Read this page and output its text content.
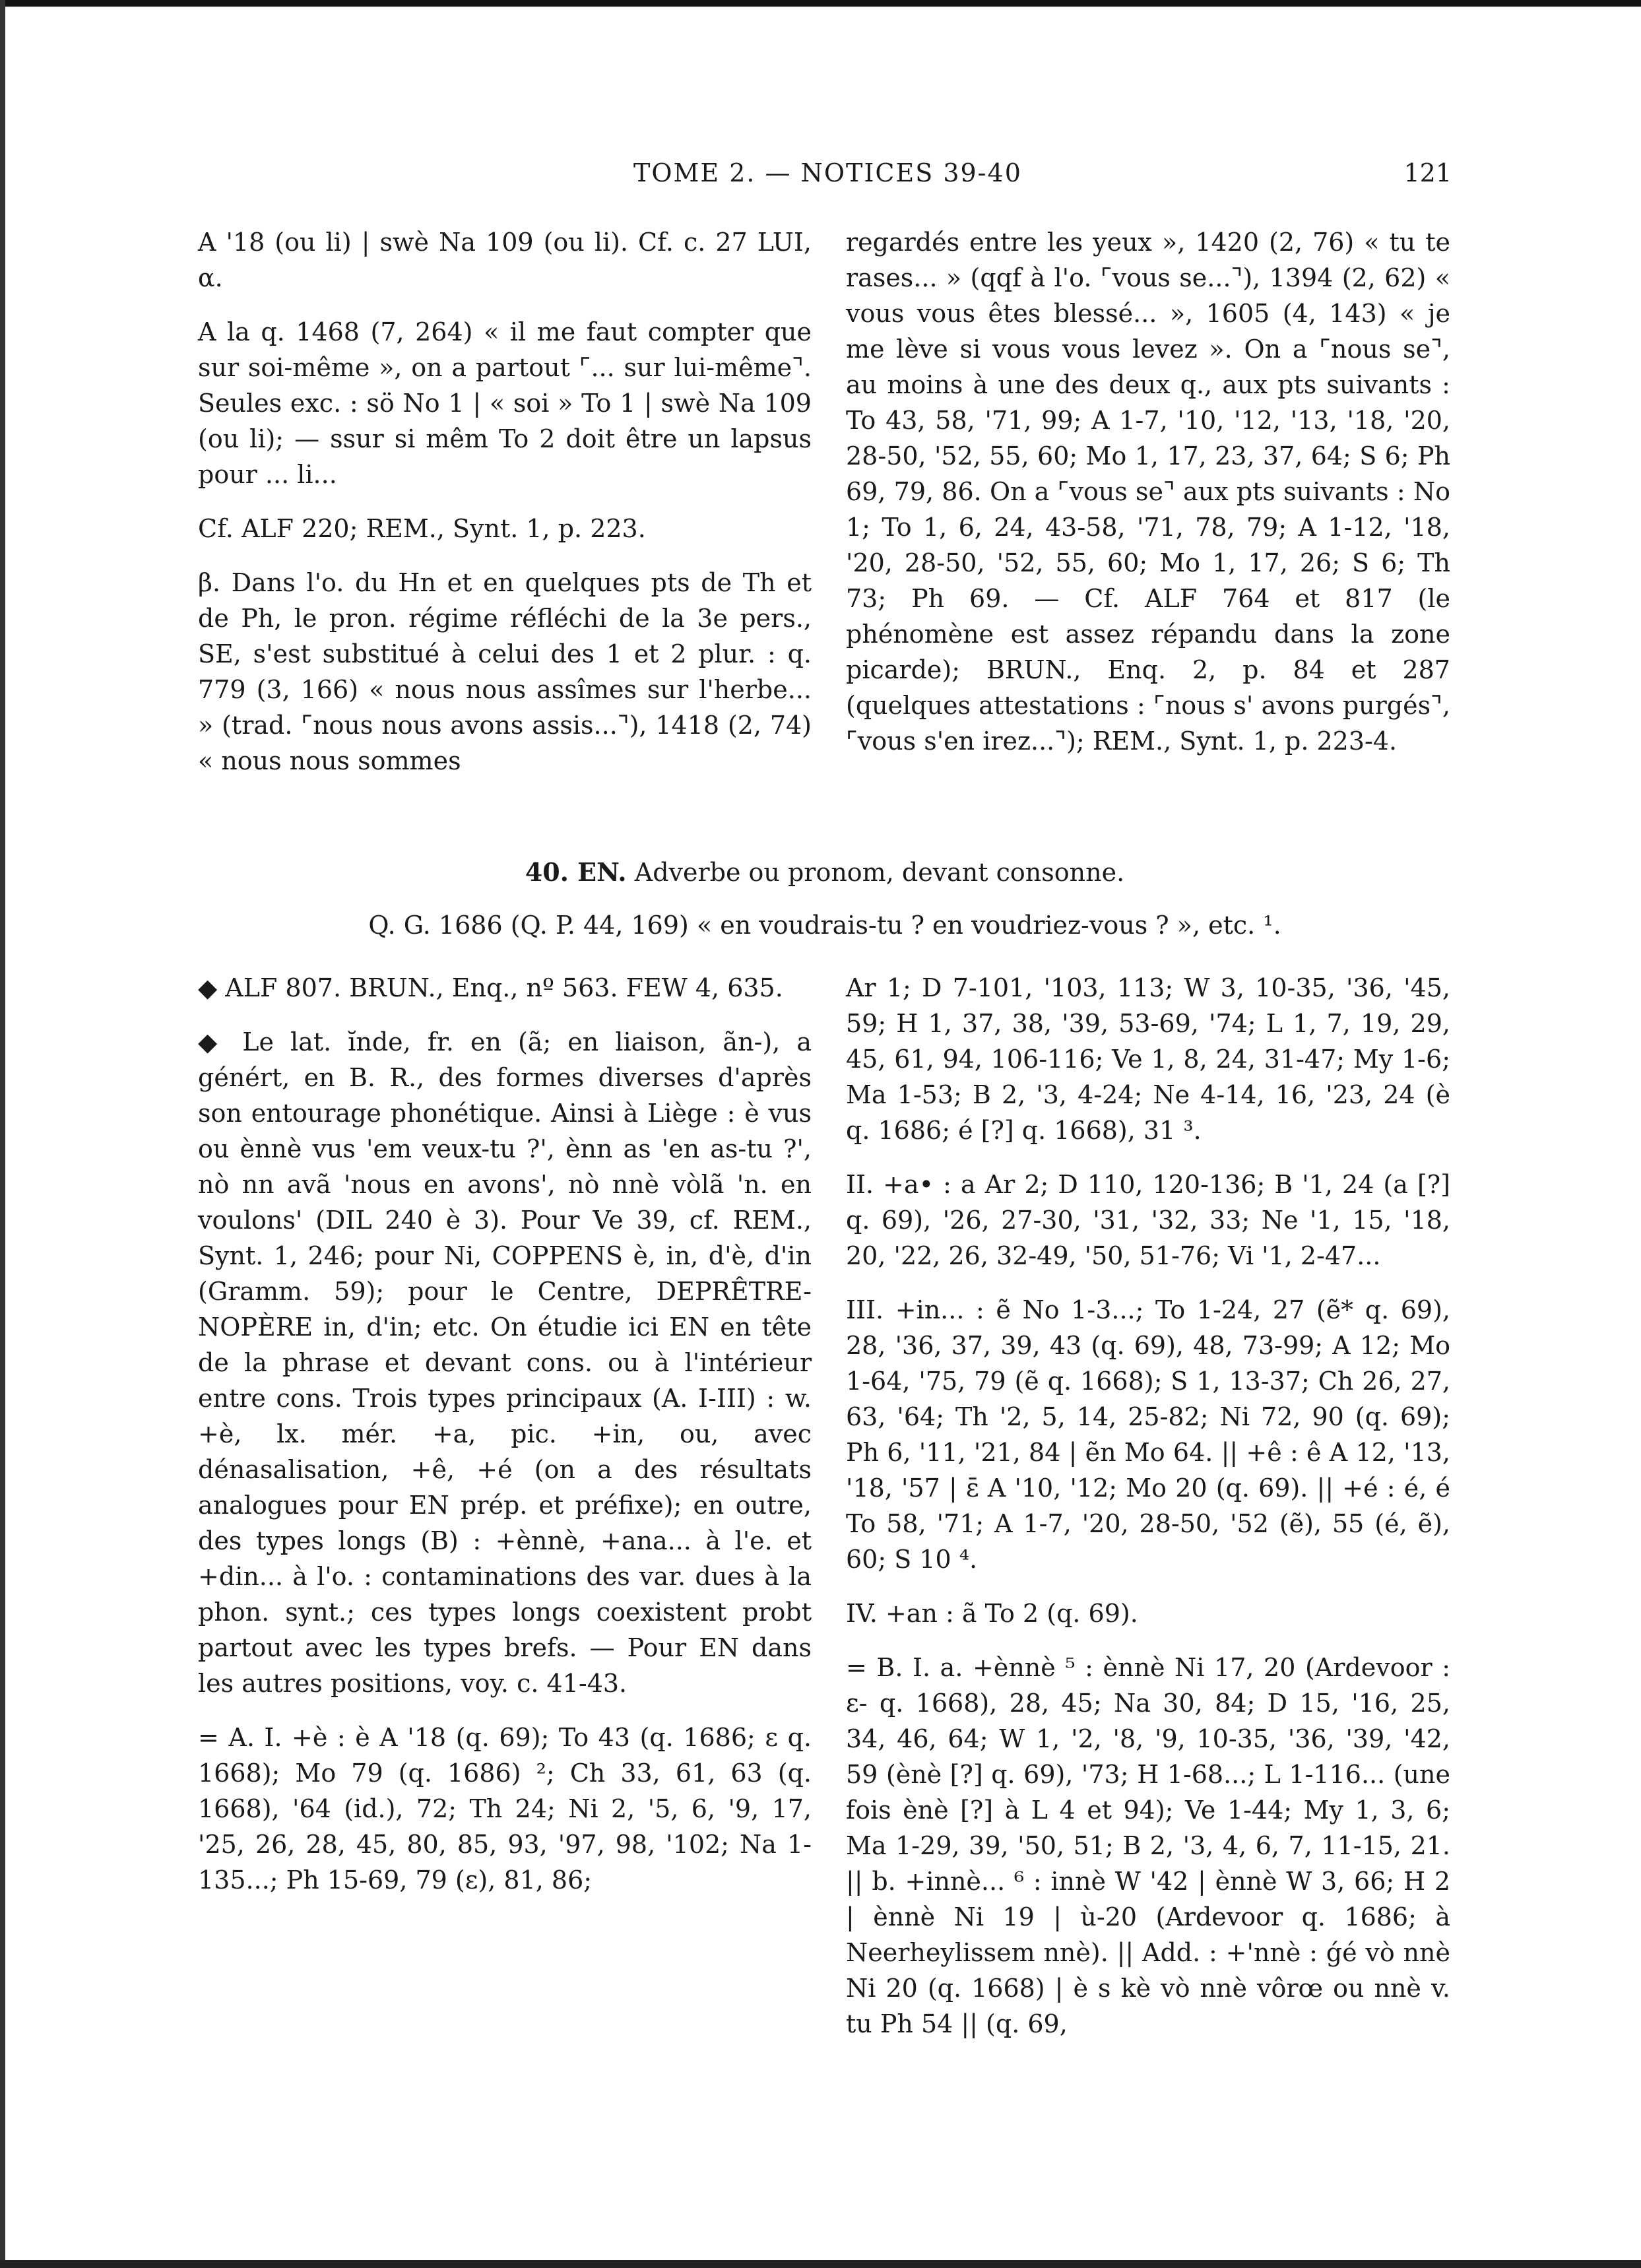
TOME 2. — NOTICES 39-40	121

A '18 (ou li) | swè Na 109 (ou li). Cf. c. 27 LUI, α.

A la q. 1468 (7, 264) « il me faut compter que sur soi-même », on a partout ⌜... sur lui-même⌝. Seules exc. : sö No 1 | « soi » To 1 | swè Na 109 (ou li); — ssur si mêm To 2 doit être un lapsus pour ... li...

Cf. ALF 220; REM., Synt. 1, p. 223.

β. Dans l'o. du Hn et en quelques pts de Th et de Ph, le pron. régime réfléchi de la 3e pers., SE, s'est substitué à celui des 1 et 2 plur. : q. 779 (3, 166) « nous nous assîmes sur l'herbe... » (trad. ⌜nous nous avons assis...⌝), 1418 (2, 74) « nous nous sommes

regardés entre les yeux », 1420 (2, 76) « tu te rases... » (qqf à l'o. ⌜vous se...⌝), 1394 (2, 62) « vous vous êtes blessé... », 1605 (4, 143) « je me lève si vous vous levez ». On a ⌜nous se⌝, au moins à une des deux q., aux pts suivants : To 43, 58, '71, 99; A 1-7, '10, '12, '13, '18, '20, 28-50, '52, 55, 60; Mo 1, 17, 23, 37, 64; S 6; Ph 69, 79, 86. On a ⌜vous se⌝ aux pts suivants : No 1; To 1, 6, 24, 43-58, '71, 78, 79; A 1-12, '18, '20, 28-50, '52, 55, 60; Mo 1, 17, 26; S 6; Th 73; Ph 69. — Cf. ALF 764 et 817 (le phénomène est assez répandu dans la zone picarde); BRUN., Enq. 2, p. 84 et 287 (quelques attestations : ⌜nous s' avons purgés⌝, ⌜vous s'en irez...⌝); REM., Synt. 1, p. 223-4.

40. EN. Adverbe ou pronom, devant consonne.
Q. G. 1686 (Q. P. 44, 169) « en voudrais-tu ? en voudriez-vous ? », etc. ¹.

◆ ALF 807. BRUN., Enq., nº 563. FEW 4, 635.

◆ Le lat. ĭnde, fr. en (ã; en liaison, ãn-), a génért, en B. R., des formes diverses d'après son entourage phonétique. Ainsi à Liège : è vus ou ènnè vus 'em veux-tu ?', ènn as 'en as-tu ?', nò nn avã 'nous en avons', nò nnè vòlã 'n. en voulons' (DIL 240 è 3). Pour Ve 39, cf. REM., Synt. 1, 246; pour Ni, COPPENS è, in, d'è, d'in (Gramm. 59); pour le Centre, DEPRÊTRE-NOPÈRE in, d'in; etc. On étudie ici EN en tête de la phrase et devant cons. ou à l'intérieur entre cons. Trois types principaux (A. I-III) : w. +è, lx. mér. +a, pic. +in, ou, avec dénasalisation, +ê, +é (on a des résultats analogues pour EN prép. et préfixe); en outre, des types longs (B) : +ènnè, +ana... à l'e. et +din... à l'o. : contaminations des var. dues à la phon. synt.; ces types longs coexistent probt partout avec les types brefs. — Pour EN dans les autres positions, voy. c. 41-43.

= A. I. +è : è A '18 (q. 69); To 43 (q. 1686; ε q. 1668); Mo 79 (q. 1686) ²; Ch 33, 61, 63 (q. 1668), '64 (id.), 72; Th 24; Ni 2, '5, 6, '9, 17, '25, 26, 28, 45, 80, 85, 93, '97, 98, '102; Na 1-135...; Ph 15-69, 79 (ε), 81, 86;

Ar 1; D 7-101, '103, 113; W 3, 10-35, '36, '45, 59; H 1, 37, 38, '39, 53-69, '74; L 1, 7, 19, 29, 45, 61, 94, 106-116; Ve 1, 8, 24, 31-47; My 1-6; Ma 1-53; B 2, '3, 4-24; Ne 4-14, 16, '23, 24 (è q. 1686; é [?] q. 1668), 31 ³.

II. +a• : a Ar 2; D 110, 120-136; B '1, 24 (a [?] q. 69), '26, 27-30, '31, '32, 33; Ne '1, 15, '18, 20, '22, 26, 32-49, '50, 51-76; Vi '1, 2-47...

III. +in... : ẽ No 1-3...; To 1-24, 27 (ẽ* q. 69), 28, '36, 37, 39, 43 (q. 69), 48, 73-99; A 12; Mo 1-64, '75, 79 (ẽ q. 1668); S 1, 13-37; Ch 26, 27, 63, '64; Th '2, 5, 14, 25-82; Ni 72, 90 (q. 69); Ph 6, '11, '21, 84 | ẽn Mo 64. || +ê : ê A 12, '13, '18, '57 | ε̄ A '10, '12; Mo 20 (q. 69). || +é : é, é To 58, '71; A 1-7, '20, 28-50, '52 (ẽ), 55 (é, ẽ), 60; S 10 ⁴.

IV. +an : ã To 2 (q. 69).

= B. I. a. +ènnè ⁵ : ènnè Ni 17, 20 (Ardevoor : ε- q. 1668), 28, 45; Na 30, 84; D 15, '16, 25, 34, 46, 64; W 1, '2, '8, '9, 10-35, '36, '39, '42, 59 (ènè [?] q. 69), '73; H 1-68...; L 1-116... (une fois ènè [?] à L 4 et 94); Ve 1-44; My 1, 3, 6; Ma 1-29, 39, '50, 51; B 2, '3, 4, 6, 7, 11-15, 21. || b. +innè... ⁶ : innè W '42 | ènnè W 3, 66; H 2 | ènnè Ni 19 | ù-20 (Ardevoor q. 1686; à Neerheylissem nnè). || Add. : +'nnè : ǵé vò nnè Ni 20 (q. 1668) | è s kè vò nnè vôrœ ou nnè v. tu Ph 54 || (q. 69,
